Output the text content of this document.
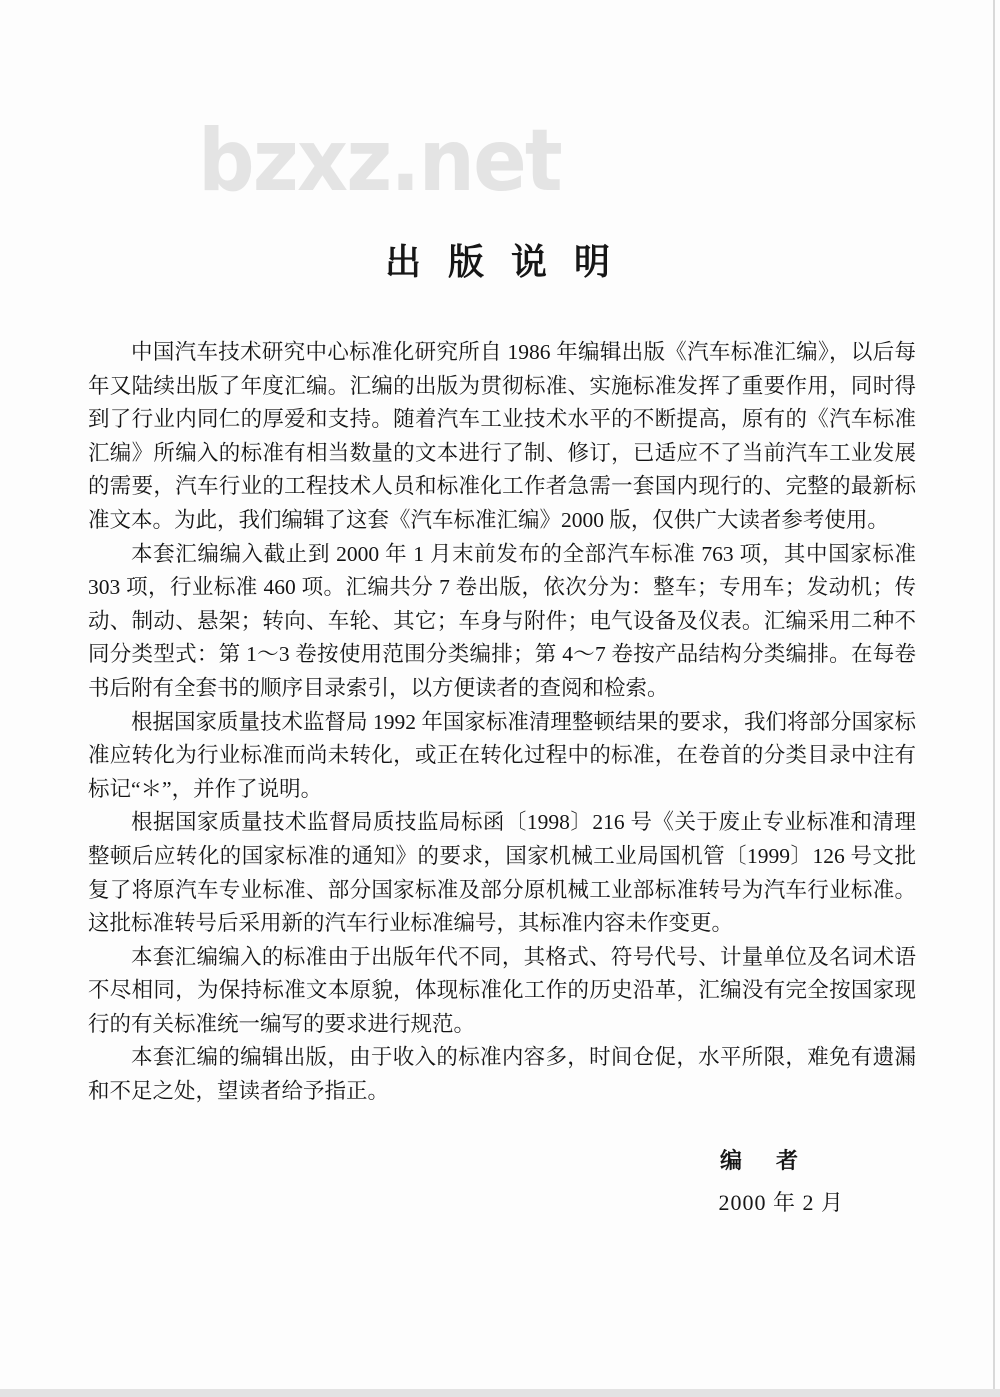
bzxz.net
出 版 说 明

中国汽车技术研究中心标准化研究所自 1986 年编辑出版《汽车标准汇编》，以后每年又陆续出版了年度汇编。汇编的出版为贯彻标准、实施标准发挥了重要作用，同时得到了行业内同仁的厚爱和支持。随着汽车工业技术水平的不断提高，原有的《汽车标准汇编》所编入的标准有相当数量的文本进行了制、修订，已适应不了当前汽车工业发展的需要，汽车行业的工程技术人员和标准化工作者急需一套国内现行的、完整的最新标准文本。为此，我们编辑了这套《汽车标准汇编》2000 版，仅供广大读者参考使用。

本套汇编编入截止到 2000 年 1 月末前发布的全部汽车标准 763 项，其中国家标准 303 项，行业标准 460 项。汇编共分 7 卷出版，依次分为：整车；专用车；发动机；传动、制动、悬架；转向、车轮、其它；车身与附件；电气设备及仪表。汇编采用二种不同分类型式：第 1～3 卷按使用范围分类编排；第 4～7 卷按产品结构分类编排。在每卷书后附有全套书的顺序目录索引，以方便读者的查阅和检索。

根据国家质量技术监督局 1992 年国家标准清理整顿结果的要求，我们将部分国家标准应转化为行业标准而尚未转化，或正在转化过程中的标准，在卷首的分类目录中注有标记“＊”，并作了说明。

根据国家质量技术监督局质技监局标函〔1998〕216 号《关于废止专业标准和清理整顿后应转化的国家标准的通知》的要求，国家机械工业局国机管〔1999〕126 号文批复了将原汽车专业标准、部分国家标准及部分原机械工业部标准转号为汽车行业标准。这批标准转号后采用新的汽车行业标准编号，其标准内容未作变更。

本套汇编编入的标准由于出版年代不同，其格式、符号代号、计量单位及名词术语不尽相同，为保持标准文本原貌，体现标准化工作的历史沿革，汇编没有完全按国家现行的有关标准统一编写的要求进行规范。

本套汇编的编辑出版，由于收入的标准内容多，时间仓促，水平所限，难免有遗漏和不足之处，望读者给予指正。

编　者
2000 年 2 月
